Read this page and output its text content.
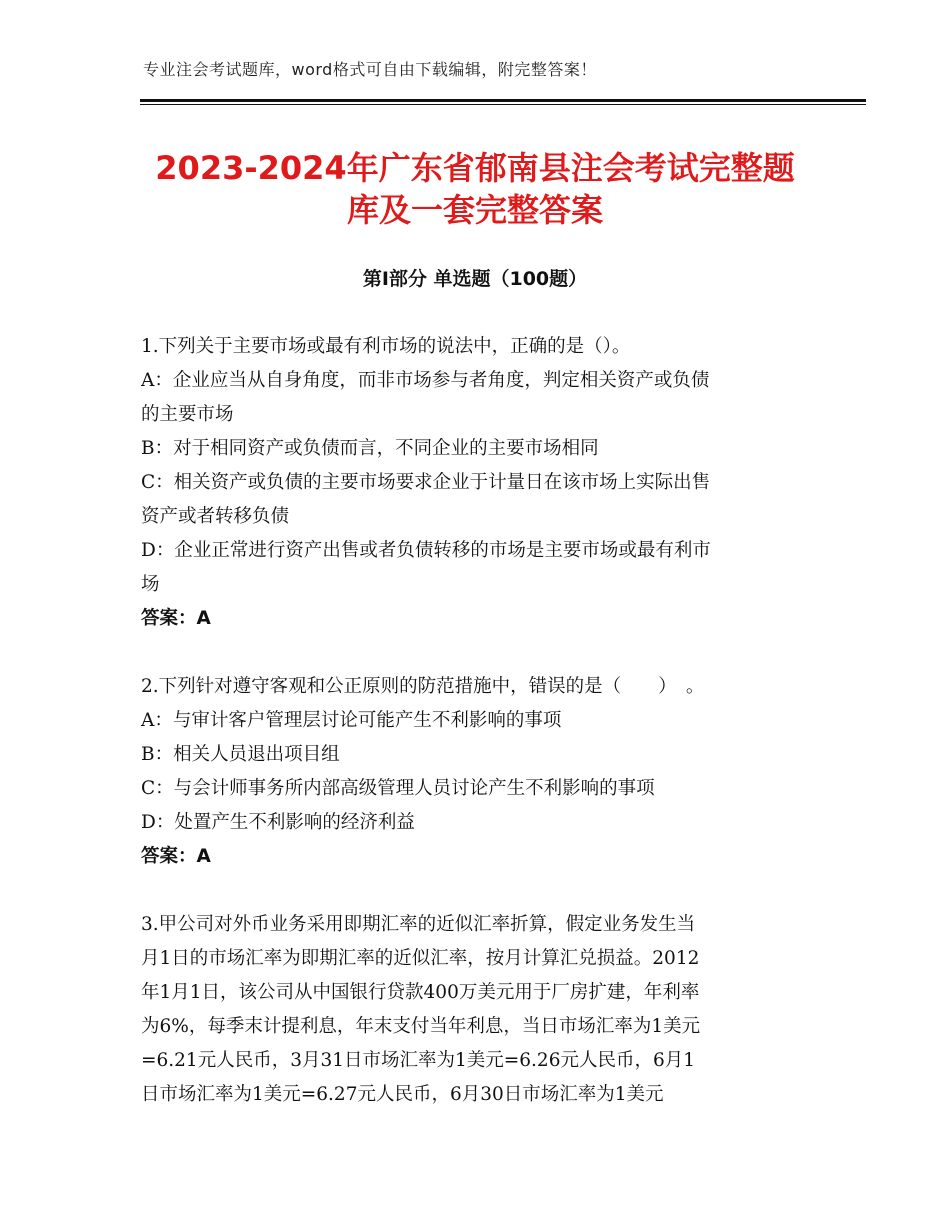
专业注会考试题库，word格式可自由下载编辑，附完整答案！
2023-2024年广东省郁南县注会考试完整题
库及一套完整答案
第Ⅰ部分 单选题（100题）
1.下列关于主要市场或最有利市场的说法中，正确的是（）。
A：企业应当从自身角度，而非市场参与者角度，判定相关资产或负债
的主要市场
B：对于相同资产或负债而言，不同企业的主要市场相同
C：相关资产或负债的主要市场要求企业于计量日在该市场上实际出售
资产或者转移负债
D：企业正常进行资产出售或者负债转移的市场是主要市场或最有利市
场
答案：A
2.下列针对遵守客观和公正原则的防范措施中，错误的是（　　）　。
A：与审计客户管理层讨论可能产生不利影响的事项
B：相关人员退出项目组
C：与会计师事务所内部高级管理人员讨论产生不利影响的事项
D：处置产生不利影响的经济利益
答案：A
3.甲公司对外币业务采用即期汇率的近似汇率折算，假定业务发生当
月1日的市场汇率为即期汇率的近似汇率，按月计算汇兑损益。2012
年1月1日，该公司从中国银行贷款400万美元用于厂房扩建，年利率
为6%，每季末计提利息，年末支付当年利息，当日市场汇率为1美元
=6.21元人民币，3月31日市场汇率为1美元=6.26元人民币，6月1
日市场汇率为1美元=6.27元人民币，6月30日市场汇率为1美元
